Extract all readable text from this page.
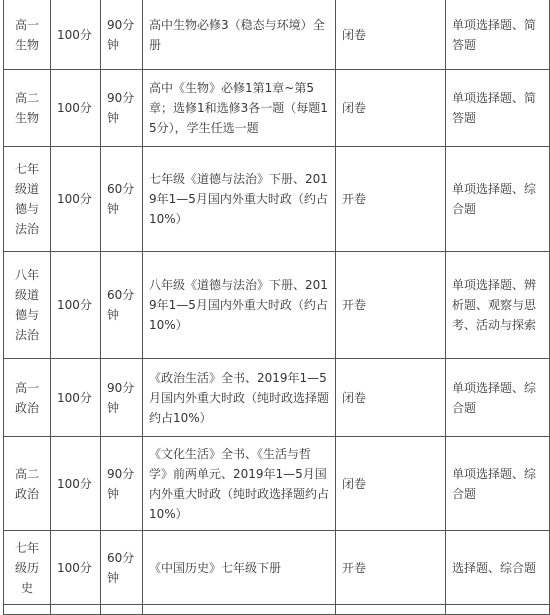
高一生物	100分	90分钟	高中生物必修3（稳态与环境）全册	闭卷	单项选择题、简答题
高二生物	100分	90分钟	高中《生物》必修1第1章~第5章；选修1和选修3各一题（每题15分），学生任选一题	闭卷	单项选择题、简答题
七年级道德与法治	100分	60分钟	七年级《道德与法治》下册、2019年1—5月国内外重大时政（约占10%）	开卷	单项选择题、综合题
八年级道德与法治	100分	60分钟	八年级《道德与法治》下册、2019年1—5月国内外重大时政（约占10%）	开卷	单项选择题、辨析题、观察与思考、活动与探索
高一政治	100分	90分钟	《政治生活》全书、2019年1—5月国内外重大时政（纯时政选择题约占10%）	闭卷	单项选择题、综合题
高二政治	100分	90分钟	《文化生活》全书、《生活与哲学》前两单元、2019年1—5月国内外重大时政（纯时政选择题约占10%）	闭卷	单项选择题、综合题
七年级历史	100分	60分钟	《中国历史》七年级下册	开卷	选择题、综合题
